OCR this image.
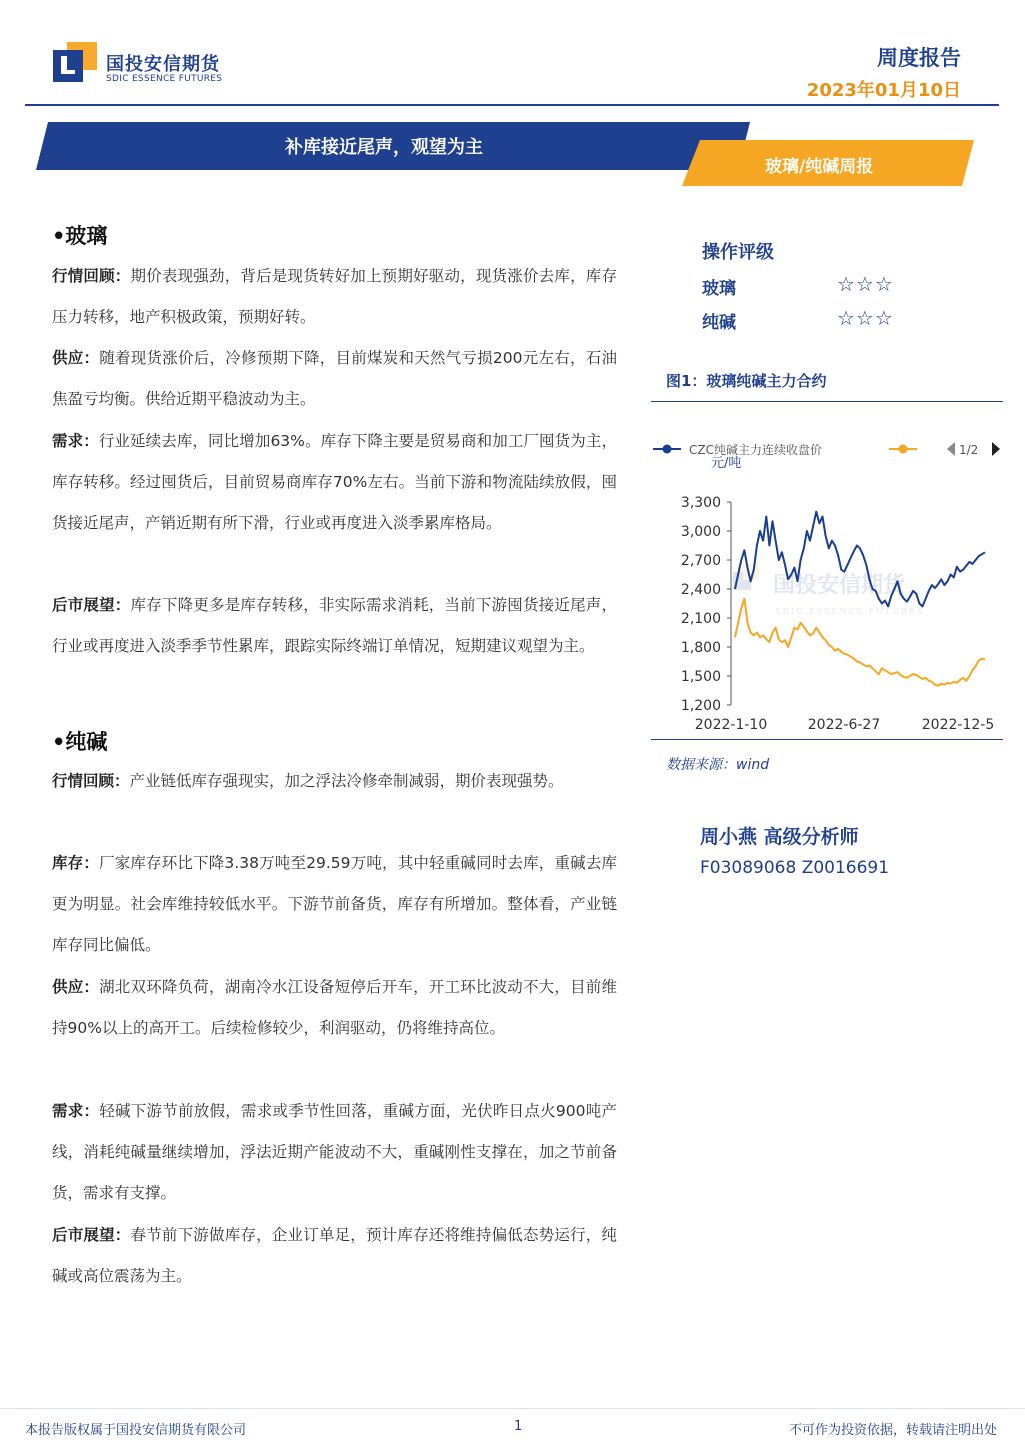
国投安信期货
SDIC ESSENCE FUTURES
周度报告
2023年01月10日
补库接近尾声，观望为主
玻璃/纯碱周报
•玻璃
行情回顾：期价表现强劲，背后是现货转好加上预期好驱动，现货涨价去库，库存压力转移，地产积极政策，预期好转。
供应：随着现货涨价后，冷修预期下降，目前煤炭和天然气亏损200元左右，石油焦盈亏均衡。供给近期平稳波动为主。
需求：行业延续去库，同比增加63%。库存下降主要是贸易商和加工厂囤货为主，库存转移。经过囤货后，目前贸易商库存70%左右。当前下游和物流陆续放假，囤货接近尾声，产销近期有所下滑，行业或再度进入淡季累库格局。
后市展望：库存下降更多是库存转移，非实际需求消耗，当前下游囤货接近尾声，行业或再度进入淡季季节性累库，跟踪实际终端订单情况，短期建议观望为主。
•纯碱
行情回顾：产业链低库存强现实，加之浮法冷修牵制减弱，期价表现强势。
库存：厂家库存环比下降3.38万吨至29.59万吨，其中轻重碱同时去库，重碱去库更为明显。社会库维持较低水平。下游节前备货，库存有所增加。整体看，产业链库存同比偏低。
供应：湖北双环降负荷，湖南冷水江设备短停后开车，开工环比波动不大，目前维持90%以上的高开工。后续检修较少，利润驱动，仍将维持高位。
需求：轻碱下游节前放假，需求或季节性回落，重碱方面，光伏昨日点火900吨产线，消耗纯碱量继续增加，浮法近期产能波动不大，重碱刚性支撑在，加之节前备货，需求有支撑。
后市展望：春节前下游做库存，企业订单足，预计库存还将维持偏低态势运行，纯碱或高位震荡为主。
操作评级
玻璃	☆☆☆
纯碱	☆☆☆
图1：玻璃纯碱主力合约
CZC纯碱主力连续收盘价	1/2
元/吨
国投安信期货
SDIC ESSENCE FUTURES
3,300
3,000
2,700
2,400
2,100
1,800
1,500
1,200
2022-1-10	2022-6-27	2022-12-5
数据来源：wind
周小燕 高级分析师
F03089068 Z0016691
本报告版权属于国投安信期货有限公司	1	不可作为投资依据，转载请注明出处
